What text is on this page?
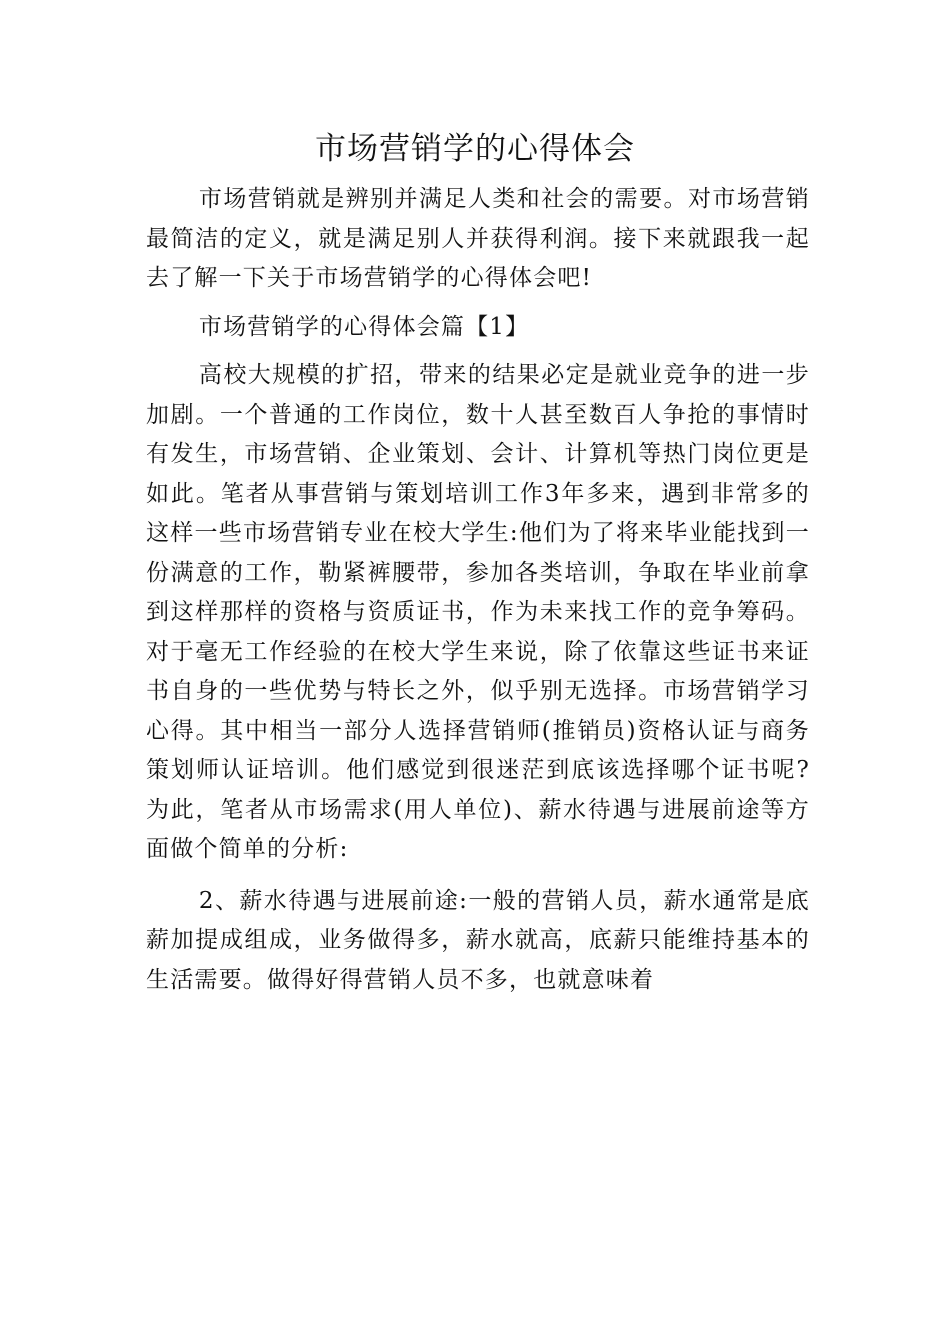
市场营销学的心得体会

市场营销就是辨别并满足人类和社会的需要。对市场营销最简洁的定义，就是满足别人并获得利润。接下来就跟我一起去了解一下关于市场营销学的心得体会吧!

市场营销学的心得体会篇【1】

高校大规模的扩招，带来的结果必定是就业竞争的进一步加剧。一个普通的工作岗位，数十人甚至数百人争抢的事情时有发生，市场营销、企业策划、会计、计算机等热门岗位更是如此。笔者从事营销与策划培训工作3年多来，遇到非常多的这样一些市场营销专业在校大学生:他们为了将来毕业能找到一份满意的工作，勒紧裤腰带，参加各类培训，争取在毕业前拿到这样那样的资格与资质证书，作为未来找工作的竞争筹码。对于毫无工作经验的在校大学生来说，除了依靠这些证书来证书自身的一些优势与特长之外，似乎别无选择。市场营销学习心得。其中相当一部分人选择营销师(推销员)资格认证与商务策划师认证培训。他们感觉到很迷茫到底该选择哪个证书呢?为此，笔者从市场需求(用人单位)、薪水待遇与进展前途等方面做个简单的分析:

2、薪水待遇与进展前途:一般的营销人员，薪水通常是底薪加提成组成，业务做得多，薪水就高，底薪只能维持基本的生活需要。做得好得营销人员不多，也就意味着
